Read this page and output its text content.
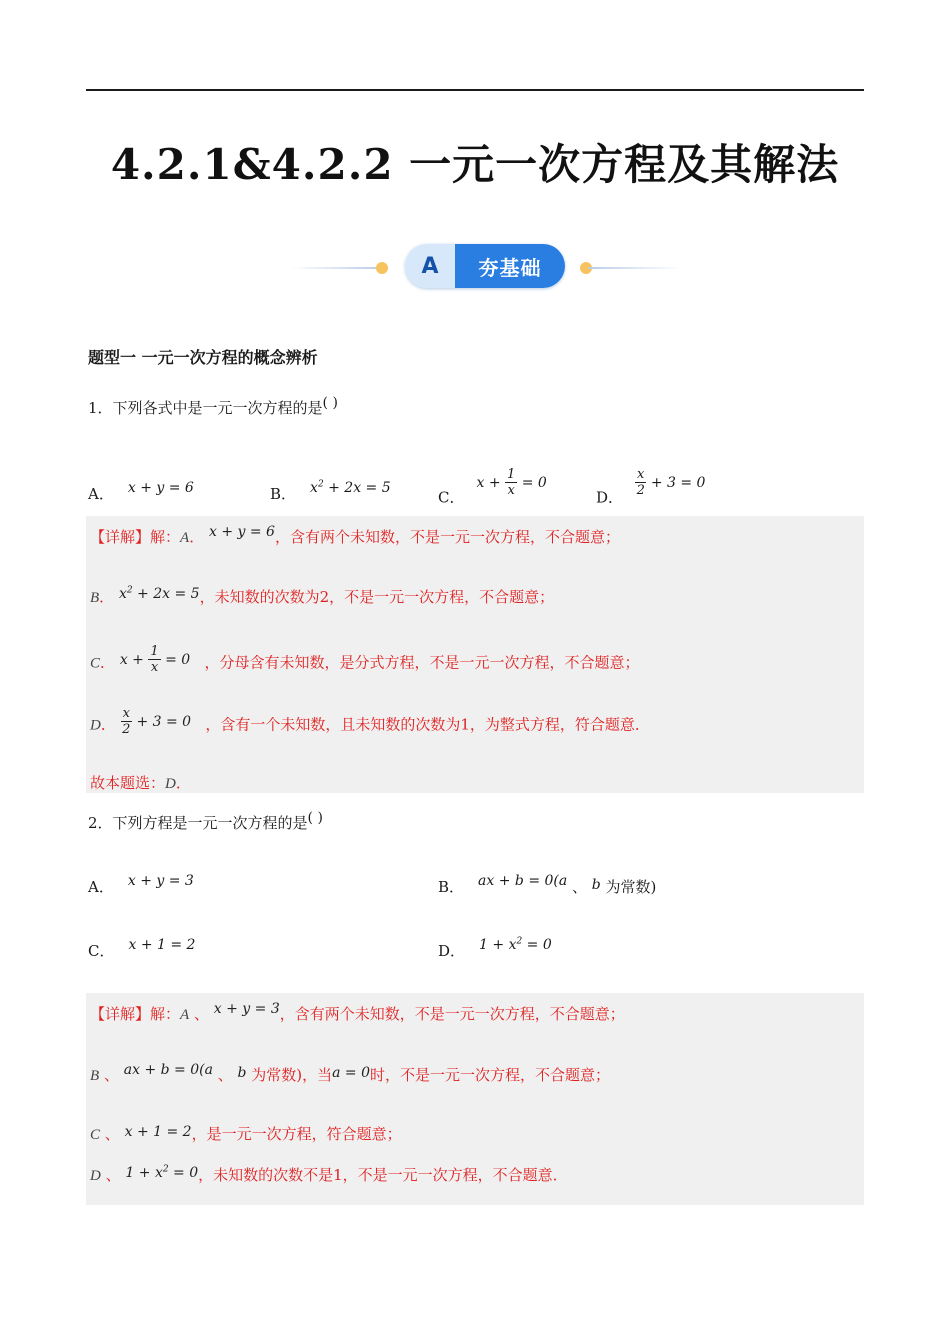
4.2.1&4.2.2 一元一次方程及其解法
A	夯基础
题型一 一元一次方程的概念辨析
1．下列各式中是一元一次方程的是( )
A． x + y = 6	B． $x^2 + 2x = 5$
C．$x + \frac{1}{x} = 0$
D． $\frac{x}{2} + 3 = 0$
【详解】解：A． x + y = 6，含有两个未知数，不是一元一次方程，不合题意；
B． $x^2 + 2x = 5$，未知数的次数为2，不是一元一次方程，不合题意；
C． $x + \frac{1}{x} = 0$ ，分母含有未知数，是分式方程，不是一元一次方程，不合题意；
D． $\frac{x}{2} + 3 = 0$ ，含有一个未知数，且未知数的次数为1，为整式方程，符合题意．
故本题选：D．
2．下列方程是一元一次方程的是( )
A． x + y = 3	B． ax + b = 0(a 、 b 为常数)
C． x + 1 = 2	D． $1 + x^2 = 0$
【详解】解：A 、 x + y = 3，含有两个未知数，不是一元一次方程，不合题意；
B 、 ax + b = 0(a 、 b 为常数)，当a = 0时，不是一元一次方程，不合题意；
C 、 x + 1 = 2，是一元一次方程，符合题意；
D 、 $1 + x^2 = 0$，未知数的次数不是1，不是一元一次方程，不合题意．
